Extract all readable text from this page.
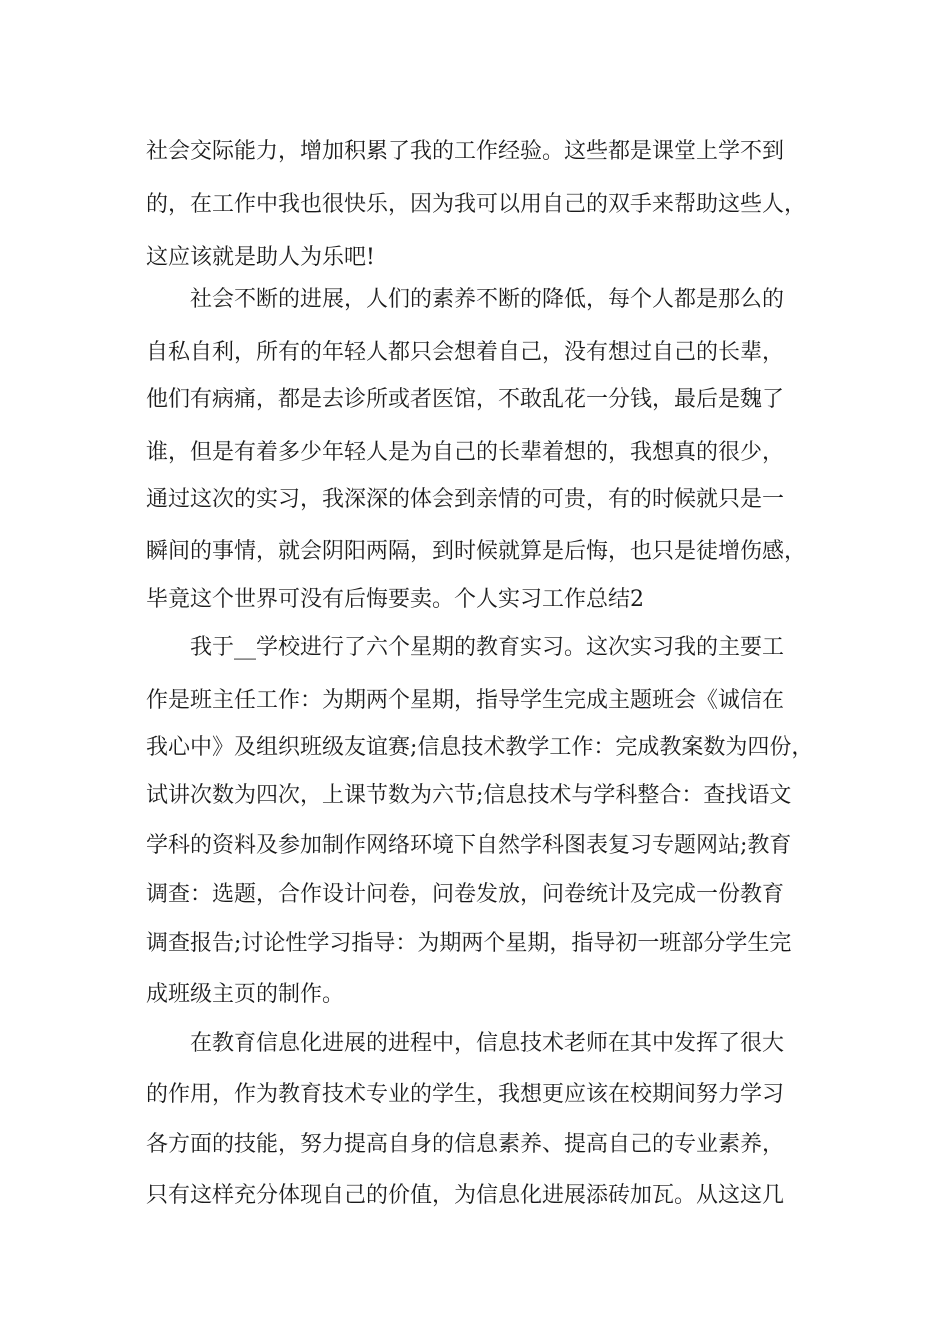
社会交际能力，增加积累了我的工作经验。这些都是课堂上学不到

的，在工作中我也很快乐，因为我可以用自己的双手来帮助这些人，

这应该就是助人为乐吧!

社会不断的进展，人们的素养不断的降低，每个人都是那么的

自私自利，所有的年轻人都只会想着自己，没有想过自己的长辈，

他们有病痛，都是去诊所或者医馆，不敢乱花一分钱，最后是魏了

谁，但是有着多少年轻人是为自己的长辈着想的，我想真的很少，

通过这次的实习，我深深的体会到亲情的可贵，有的时候就只是一

瞬间的事情，就会阴阳两隔，到时候就算是后悔，也只是徒增伤感，

毕竟这个世界可没有后悔要卖。个人实习工作总结2

我于__学校进行了六个星期的教育实习。这次实习我的主要工

作是班主任工作：为期两个星期，指导学生完成主题班会《诚信在

我心中》及组织班级友谊赛;信息技术教学工作：完成教案数为四份，

试讲次数为四次，上课节数为六节;信息技术与学科整合：查找语文

学科的资料及参加制作网络环境下自然学科图表复习专题网站;教育

调查：选题，合作设计问卷，问卷发放，问卷统计及完成一份教育

调查报告;讨论性学习指导：为期两个星期，指导初一班部分学生完

成班级主页的制作。

在教育信息化进展的进程中，信息技术老师在其中发挥了很大

的作用，作为教育技术专业的学生，我想更应该在校期间努力学习

各方面的技能，努力提高自身的信息素养、提高自己的专业素养，

只有这样充分体现自己的价值，为信息化进展添砖加瓦。从这这几
